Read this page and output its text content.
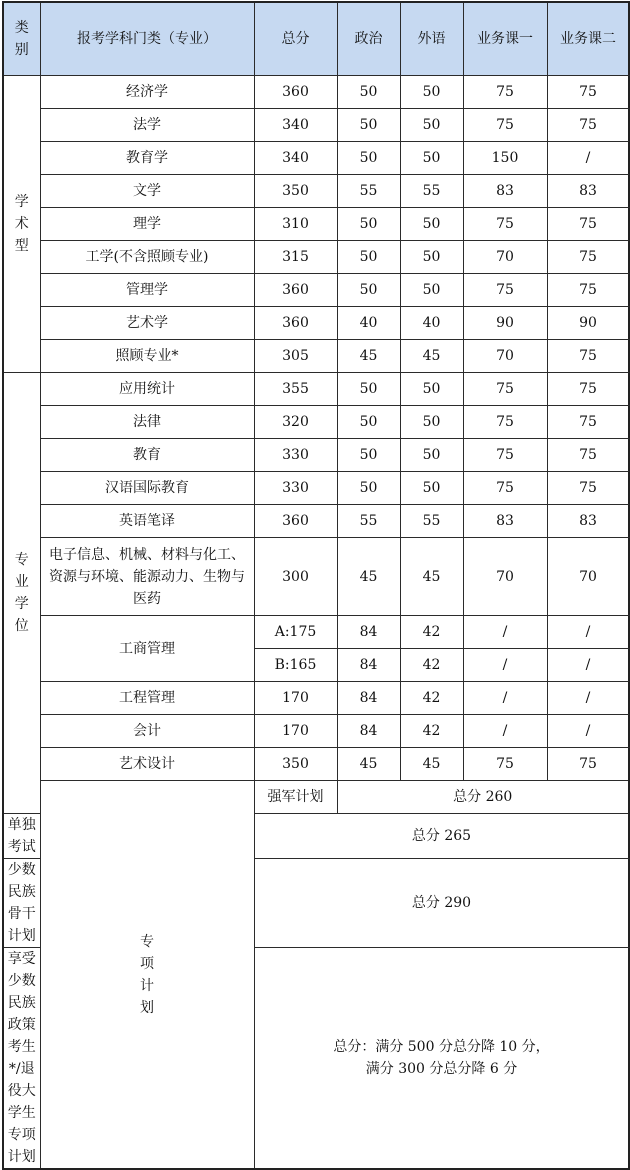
类
别	报考学科门类（专业）	总分	政治	外语	业务课一	业务课二

学
术
型	经济学	360	50	50	75	75
	法学	340	50	50	75	75
	教育学	340	50	50	150	/
	文学	350	55	55	83	83
	理学	310	50	50	75	75
	工学(不含照顾专业)	315	50	50	70	75
	管理学	360	50	50	75	75
	艺术学	360	40	40	90	90
	照顾专业*	305	45	45	70	75

专
业
学
位	应用统计	355	50	50	75	75
	法律	320	50	50	75	75
	教育	330	50	50	75	75
	汉语国际教育	330	50	50	75	75
	英语笔译	360	55	55	83	83
	电子信息、机械、材料与化工、资源与环境、能源动力、生物与医药	300	45	45	70	70
	工商管理	A:175	84	42	/	/
		B:165	84	42	/	/
	工程管理	170	84	42	/	/
	会计	170	84	42	/	/
	艺术设计	350	45	45	75	75

	专
项
计
划	强军计划	总分 260			
单独考试		总分 265				
少数民族骨干计划		总分 290				
享受少数民族政策考生*/退役大学生专项计划		总分：满分 500 分总分降 10 分，
满分 300 分总分降 6 分				
